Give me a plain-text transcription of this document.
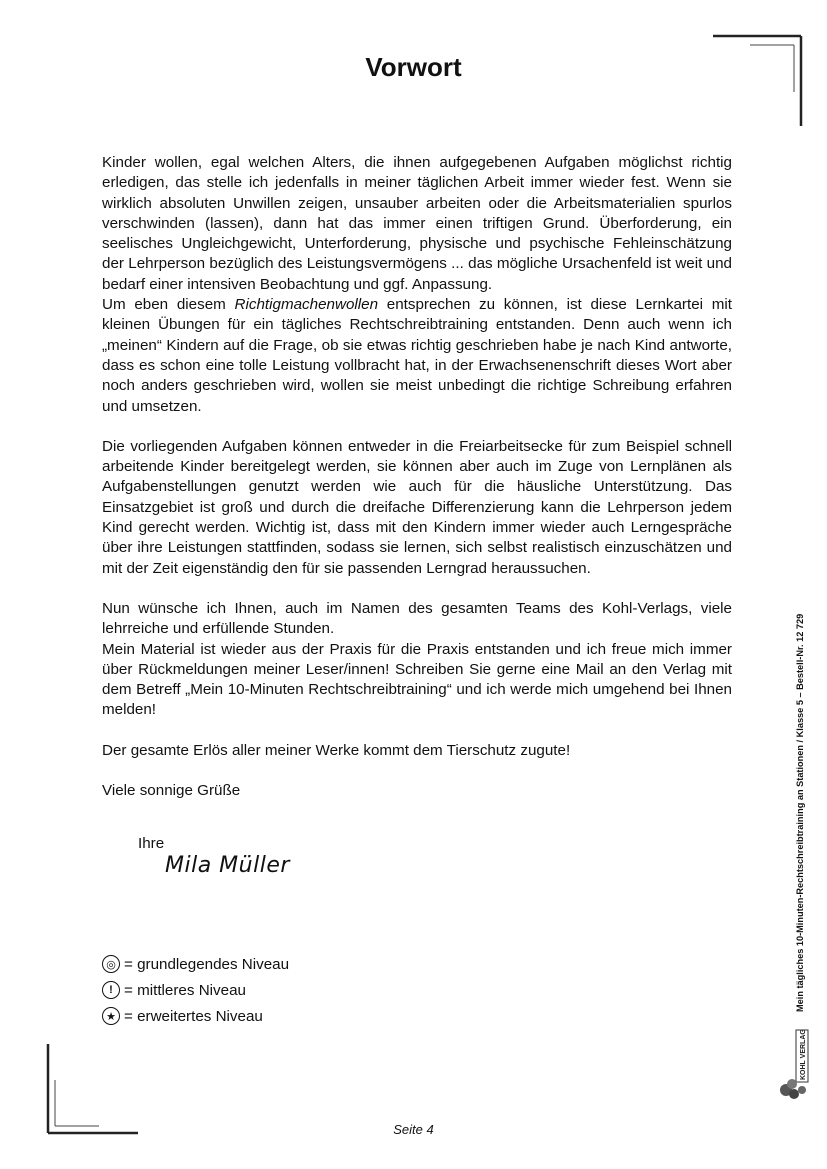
Vorwort

Kinder wollen, egal welchen Alters, die ihnen aufgegebenen Aufgaben möglichst richtig erledigen, das stelle ich jedenfalls in meiner täglichen Arbeit immer wieder fest. Wenn sie wirklich absoluten Unwillen zeigen, unsauber arbeiten oder die Arbeitsmaterialien spurlos verschwinden (lassen), dann hat das immer einen triftigen Grund. Überforderung, ein seelisches Ungleichgewicht, Unterforderung, physische und psychische Fehleinschätzung der Lehrperson bezüglich des Leistungsvermögens ... das mögliche Ursachenfeld ist weit und bedarf einer intensiven Beobachtung und ggf. Anpassung.

Um eben diesem Richtigmachenwollen entsprechen zu können, ist diese Lernkartei mit kleinen Übungen für ein tägliches Rechtschreibtraining entstanden. Denn auch wenn ich „meinen“ Kindern auf die Frage, ob sie etwas richtig geschrieben habe je nach Kind antworte, dass es schon eine tolle Leistung vollbracht hat, in der Erwachsenenschrift dieses Wort aber noch anders geschrieben wird, wollen sie meist unbedingt die richtige Schreibung erfahren und umsetzen.

Die vorliegenden Aufgaben können entweder in die Freiarbeitsecke für zum Beispiel schnell arbeitende Kinder bereitgelegt werden, sie können aber auch im Zuge von Lernplänen als Aufgabenstellungen genutzt werden wie auch für die häusliche Unterstützung. Das Einsatzgebiet ist groß und durch die dreifache Differenzierung kann die Lehrperson jedem Kind gerecht werden. Wichtig ist, dass mit den Kindern immer wieder auch Lerngespräche über ihre Leistungen stattfinden, sodass sie lernen, sich selbst realistisch einzuschätzen und mit der Zeit eigenständig den für sie passenden Lerngrad heraussuchen.

Nun wünsche ich Ihnen, auch im Namen des gesamten Teams des Kohl-Verlags, viele lehrreiche und erfüllende Stunden.

Mein Material ist wieder aus der Praxis für die Praxis entstanden und ich freue mich immer über Rückmeldungen meiner Leser/innen! Schreiben Sie gerne eine Mail an den Verlag mit dem Betreff „Mein 10-Minuten Rechtschreibtraining“ und ich werde mich umgehend bei Ihnen melden!

Der gesamte Erlös aller meiner Werke kommt dem Tierschutz zugute!

Viele sonnige Grüße

Ihre
Mila Müller
◎ = grundlegendes Niveau
! = mittleres Niveau
★ = erweitertes Niveau
Mein tägliches 10-Minuten-Rechtschreibtraining an Stationen / Klasse 5 – Bestell-Nr. 12 729
KOHL VERLAG
Seite 4
